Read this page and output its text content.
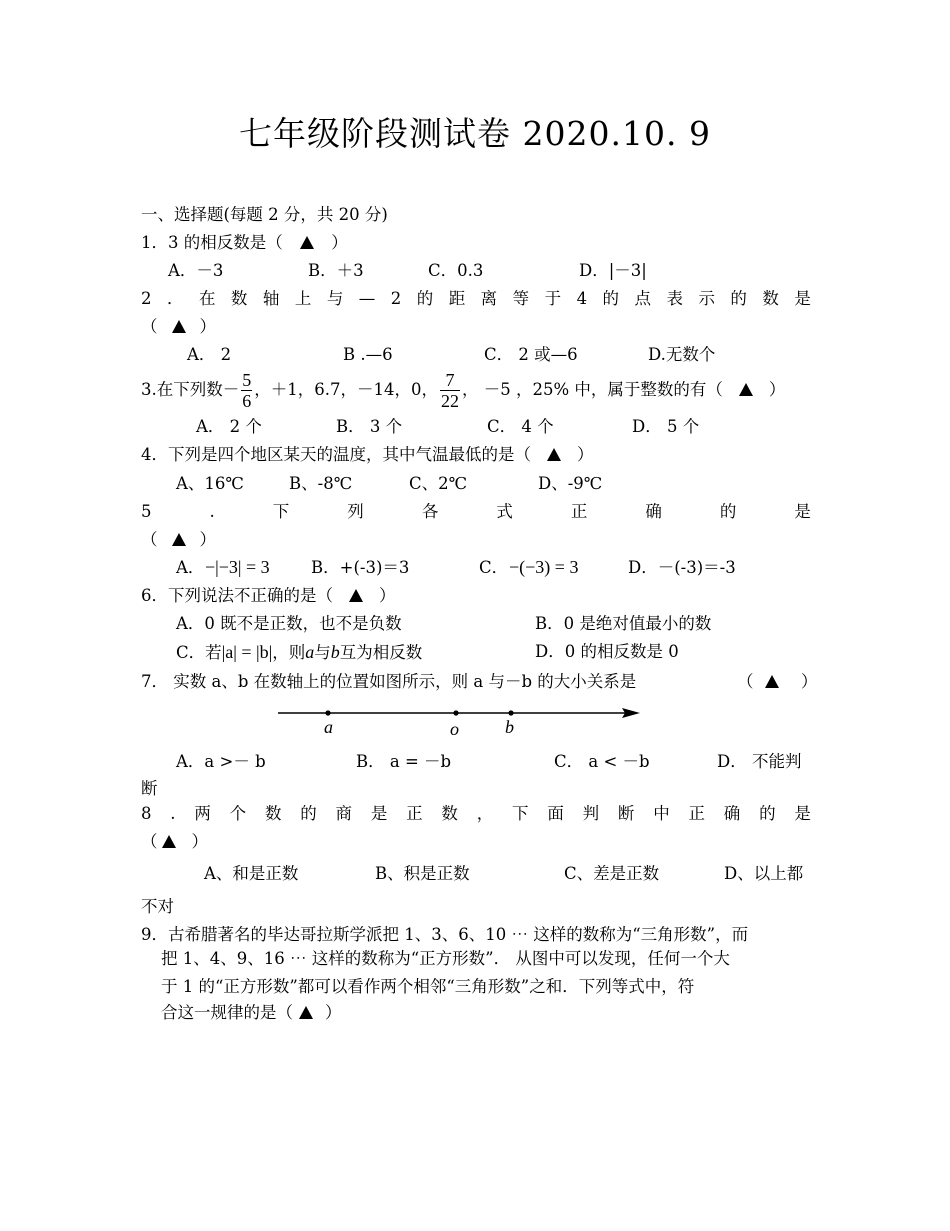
七年级阶段测试卷 2020.10. 9
一、选择题(每题 2 分，共 20 分)
1．3 的相反数是（	）
A．－3	B．＋3	C．0.3	D．|－3|
2 ． 在 数 轴 上 与 — 2 的 距 离 等 于 4 的 点 表 示 的 数 是
（	）
A． 2	B .—6	C． 2 或—6	D.无数个
3.在下列数－ $\frac{5}{6}$ ，＋1，6.7，－14，0， $\frac{7}{22}$ ， －5 ，25% 中，属于整数的有（	）
A． 2 个	B． 3 个	C． 4 个	D． 5 个
4．下列是四个地区某天的温度，其中气温最低的是（	）
A、16℃	B、-8℃	C、2℃	D、-9℃
5	.	下	列	各	式	正	确	的	是
（	）
A． −|−3| = 3	B．+(-3)＝3	C． −(−3) = 3	D．－(-3)＝-3
6．下列说法不正确的是（	）
A．0 既不是正数，也不是负数	B．0 是绝对值最小的数
C．若|a| = |b|，则a与b互为相反数	D．0 的相反数是 0
7． 实数 a、b 在数轴上的位置如图所示，则 a 与－b 的大小关系是	（	）
a	o	b
A．a >－ b	B． a = －b	C． a < －b	D． 不能判
断
8 . 两 个 数 的 商 是 正 数 ， 下 面 判 断 中 正 确 的 是
（ ）
A、和是正数	B、积是正数	C、差是正数	D、以上都
不对
9．古希腊著名的毕达哥拉斯学派把 1、3、6、10 ⋯ 这样的数称为“三角形数”，而
把 1、4、9、16 ⋯ 这样的数称为“正方形数”． 从图中可以发现，任何一个大
于 1 的“正方形数”都可以看作两个相邻“三角形数”之和．下列等式中，符
合这一规律的是（ ）
